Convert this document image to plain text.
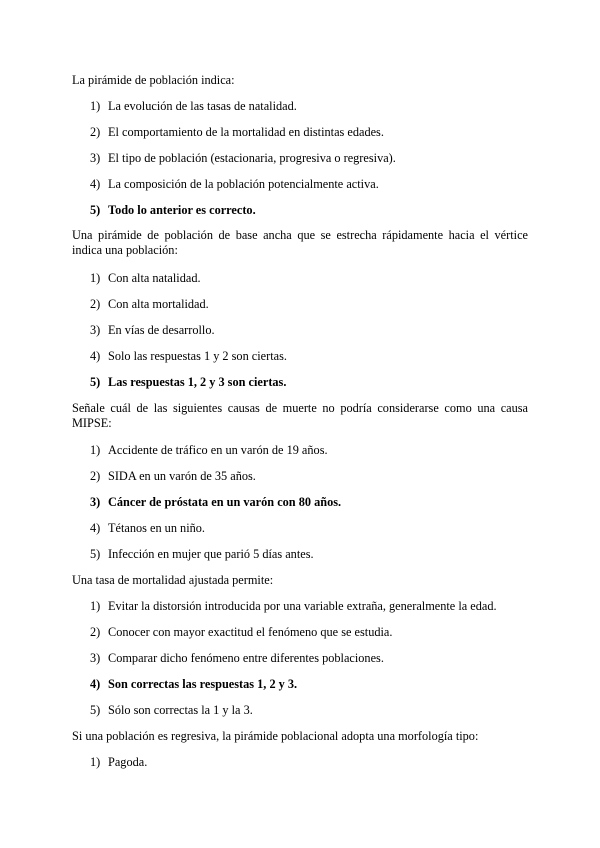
La pirámide de población indica:
1) La evolución de las tasas de natalidad.
2) El comportamiento de la mortalidad en distintas edades.
3) El tipo de población (estacionaria, progresiva o regresiva).
4) La composición de la población potencialmente activa.
5) Todo lo anterior es correcto.
Una pirámide de población de base ancha que se estrecha rápidamente hacia el vértice indica una población:
1) Con alta natalidad.
2) Con alta mortalidad.
3) En vías de desarrollo.
4) Solo las respuestas 1 y 2 son ciertas.
5) Las respuestas 1, 2 y 3 son ciertas.
Señale cuál de las siguientes causas de muerte no podría considerarse como una causa MIPSE:
1) Accidente de tráfico en un varón de 19 años.
2) SIDA en un varón de 35 años.
3) Cáncer de próstata en un varón con 80 años.
4) Tétanos en un niño.
5) Infección en mujer que parió 5 días antes.
Una tasa de mortalidad ajustada permite:
1) Evitar la distorsión introducida por una variable extraña, generalmente la edad.
2) Conocer con mayor exactitud el fenómeno que se estudia.
3) Comparar dicho fenómeno entre diferentes poblaciones.
4) Son correctas las respuestas 1, 2 y 3.
5) Sólo son correctas la 1 y la 3.
Si una población es regresiva, la pirámide poblacional adopta una morfología tipo:
1) Pagoda.
